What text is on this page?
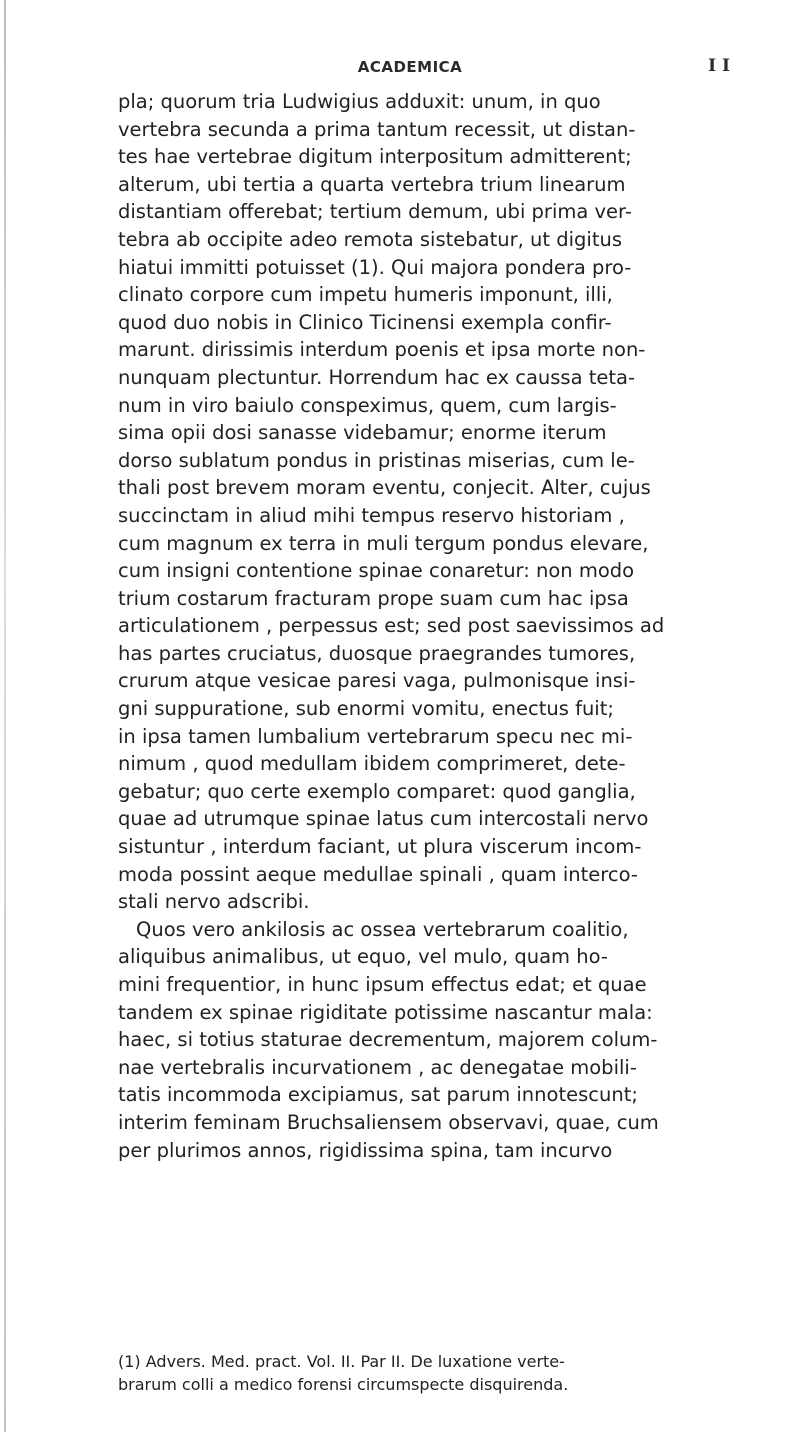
ACADEMICA	I I
pla; quorum tria Ludwigius adduxit: unum, in quo
vertebra secunda a prima tantum recessit, ut distan-
tes hae vertebrae digitum interpositum admitterent;
alterum, ubi tertia a quarta vertebra trium linearum
distantiam offerebat; tertium demum, ubi prima ver-
tebra ab occipite adeo remota sistebatur, ut digitus
hiatui immitti potuisset (1). Qui majora pondera pro-
clinato corpore cum impetu humeris imponunt, illi,
quod duo nobis in Clinico Ticinensi exempla confir-
marunt. dirissimis interdum poenis et ipsa morte non-
nunquam plectuntur. Horrendum hac ex caussa teta-
num in viro baiulo conspeximus, quem, cum largis-
sima opii dosi sanasse videbamur; enorme iterum
dorso sublatum pondus in pristinas miserias, cum le-
thali post brevem moram eventu, conjecit. Alter, cujus
succinctam in aliud mihi tempus reservo historiam ,
cum magnum ex terra in muli tergum pondus elevare,
cum insigni contentione spinae conaretur: non modo
trium costarum fracturam prope suam cum hac ipsa
articulationem , perpessus est; sed post saevissimos ad
has partes cruciatus, duosque praegrandes tumores,
crurum atque vesicae paresi vaga, pulmonisque insi-
gni suppuratione, sub enormi vomitu, enectus fuit;
in ipsa tamen lumbalium vertebrarum specu nec mi-
nimum , quod medullam ibidem comprimeret, dete-
gebatur; quo certe exemplo comparet: quod ganglia,
quae ad utrumque spinae latus cum intercostali nervo
sistuntur , interdum faciant, ut plura viscerum incom-
moda possint aeque medullae spinali , quam interco-
stali nervo adscribi.
Quos vero ankilosis ac ossea vertebrarum coalitio,
aliquibus animalibus, ut equo, vel mulo, quam ho-
mini frequentior, in hunc ipsum effectus edat; et quae
tandem ex spinae rigiditate potissime nascantur mala:
haec, si totius staturae decrementum, majorem colum-
nae vertebralis incurvationem , ac denegatae mobili-
tatis incommoda excipiamus, sat parum innotescunt;
interim feminam Bruchsaliensem observavi, quae, cum
per plurimos annos, rigidissima spina, tam incurvo
(1) Advers. Med. pract. Vol. II. Par II. De luxatione verte-
brarum colli a medico forensi circumspecte disquirenda.
